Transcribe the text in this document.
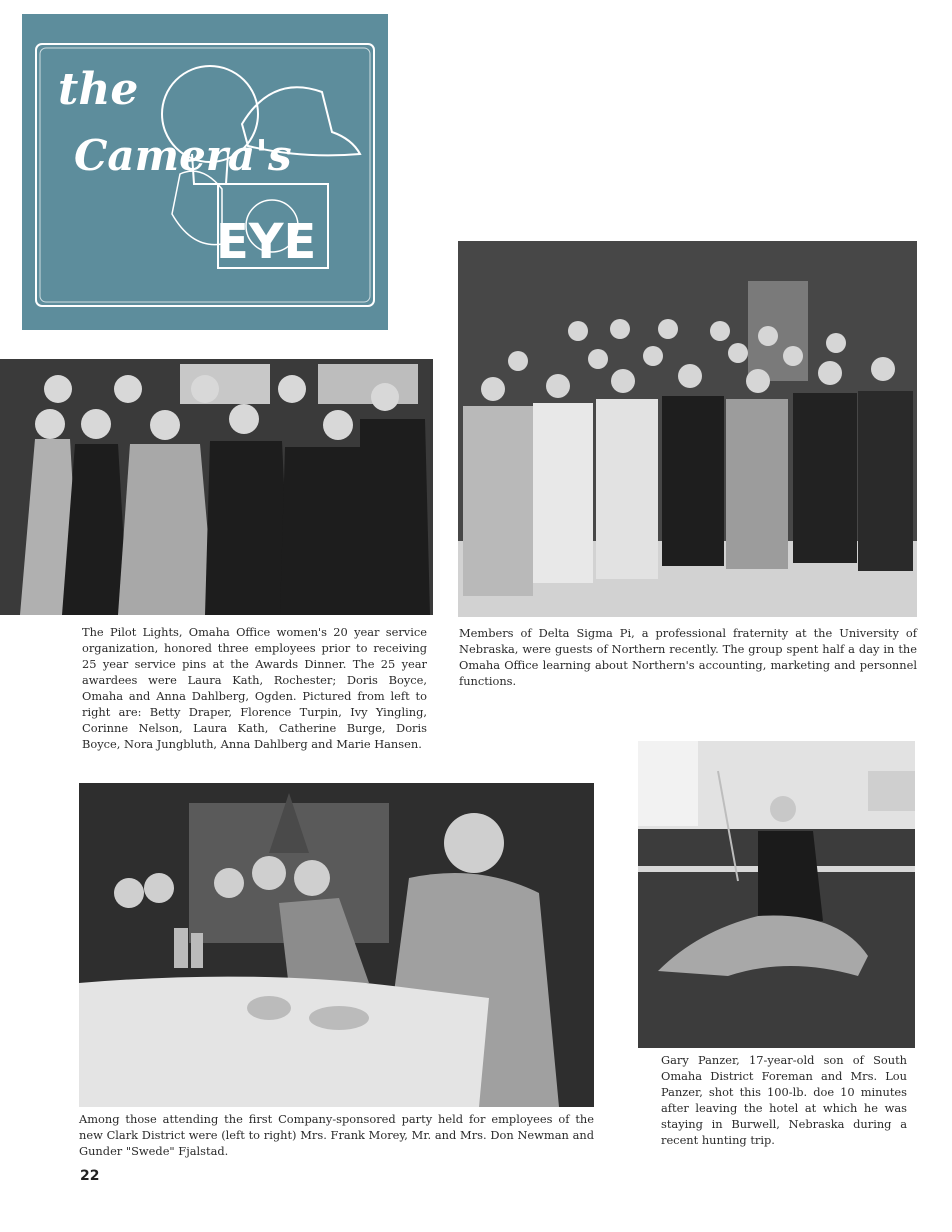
the
Camera's
EYE

The Pilot Lights, Omaha Office women's 20 year service organization, honored three employees prior to receiving 25 year service pins at the Awards Dinner. The 25 year awardees were Laura Kath, Rochester; Doris Boyce, Omaha and Anna Dahlberg, Ogden. Pictured from left to right are: Betty Draper, Florence Turpin, Ivy Yingling, Corinne Nelson, Laura Kath, Catherine Burge, Doris Boyce, Nora Jungbluth, Anna Dahlberg and Marie Hansen.

Members of Delta Sigma Pi, a professional fraternity at the University of Nebraska, were guests of Northern recently. The group spent half a day in the Omaha Office learning about Northern's accounting, marketing and personnel functions.

Gary Panzer, 17-year-old son of South Omaha District Foreman and Mrs. Lou Panzer, shot this 100-lb. doe 10 minutes after leaving the hotel at which he was staying in Burwell, Nebraska during a recent hunting trip.

Among those attending the first Company-sponsored party held for employees of the new Clark District were (left to right) Mrs. Frank Morey, Mr. and Mrs. Don Newman and Gunder "Swede" Fjalstad.

22
